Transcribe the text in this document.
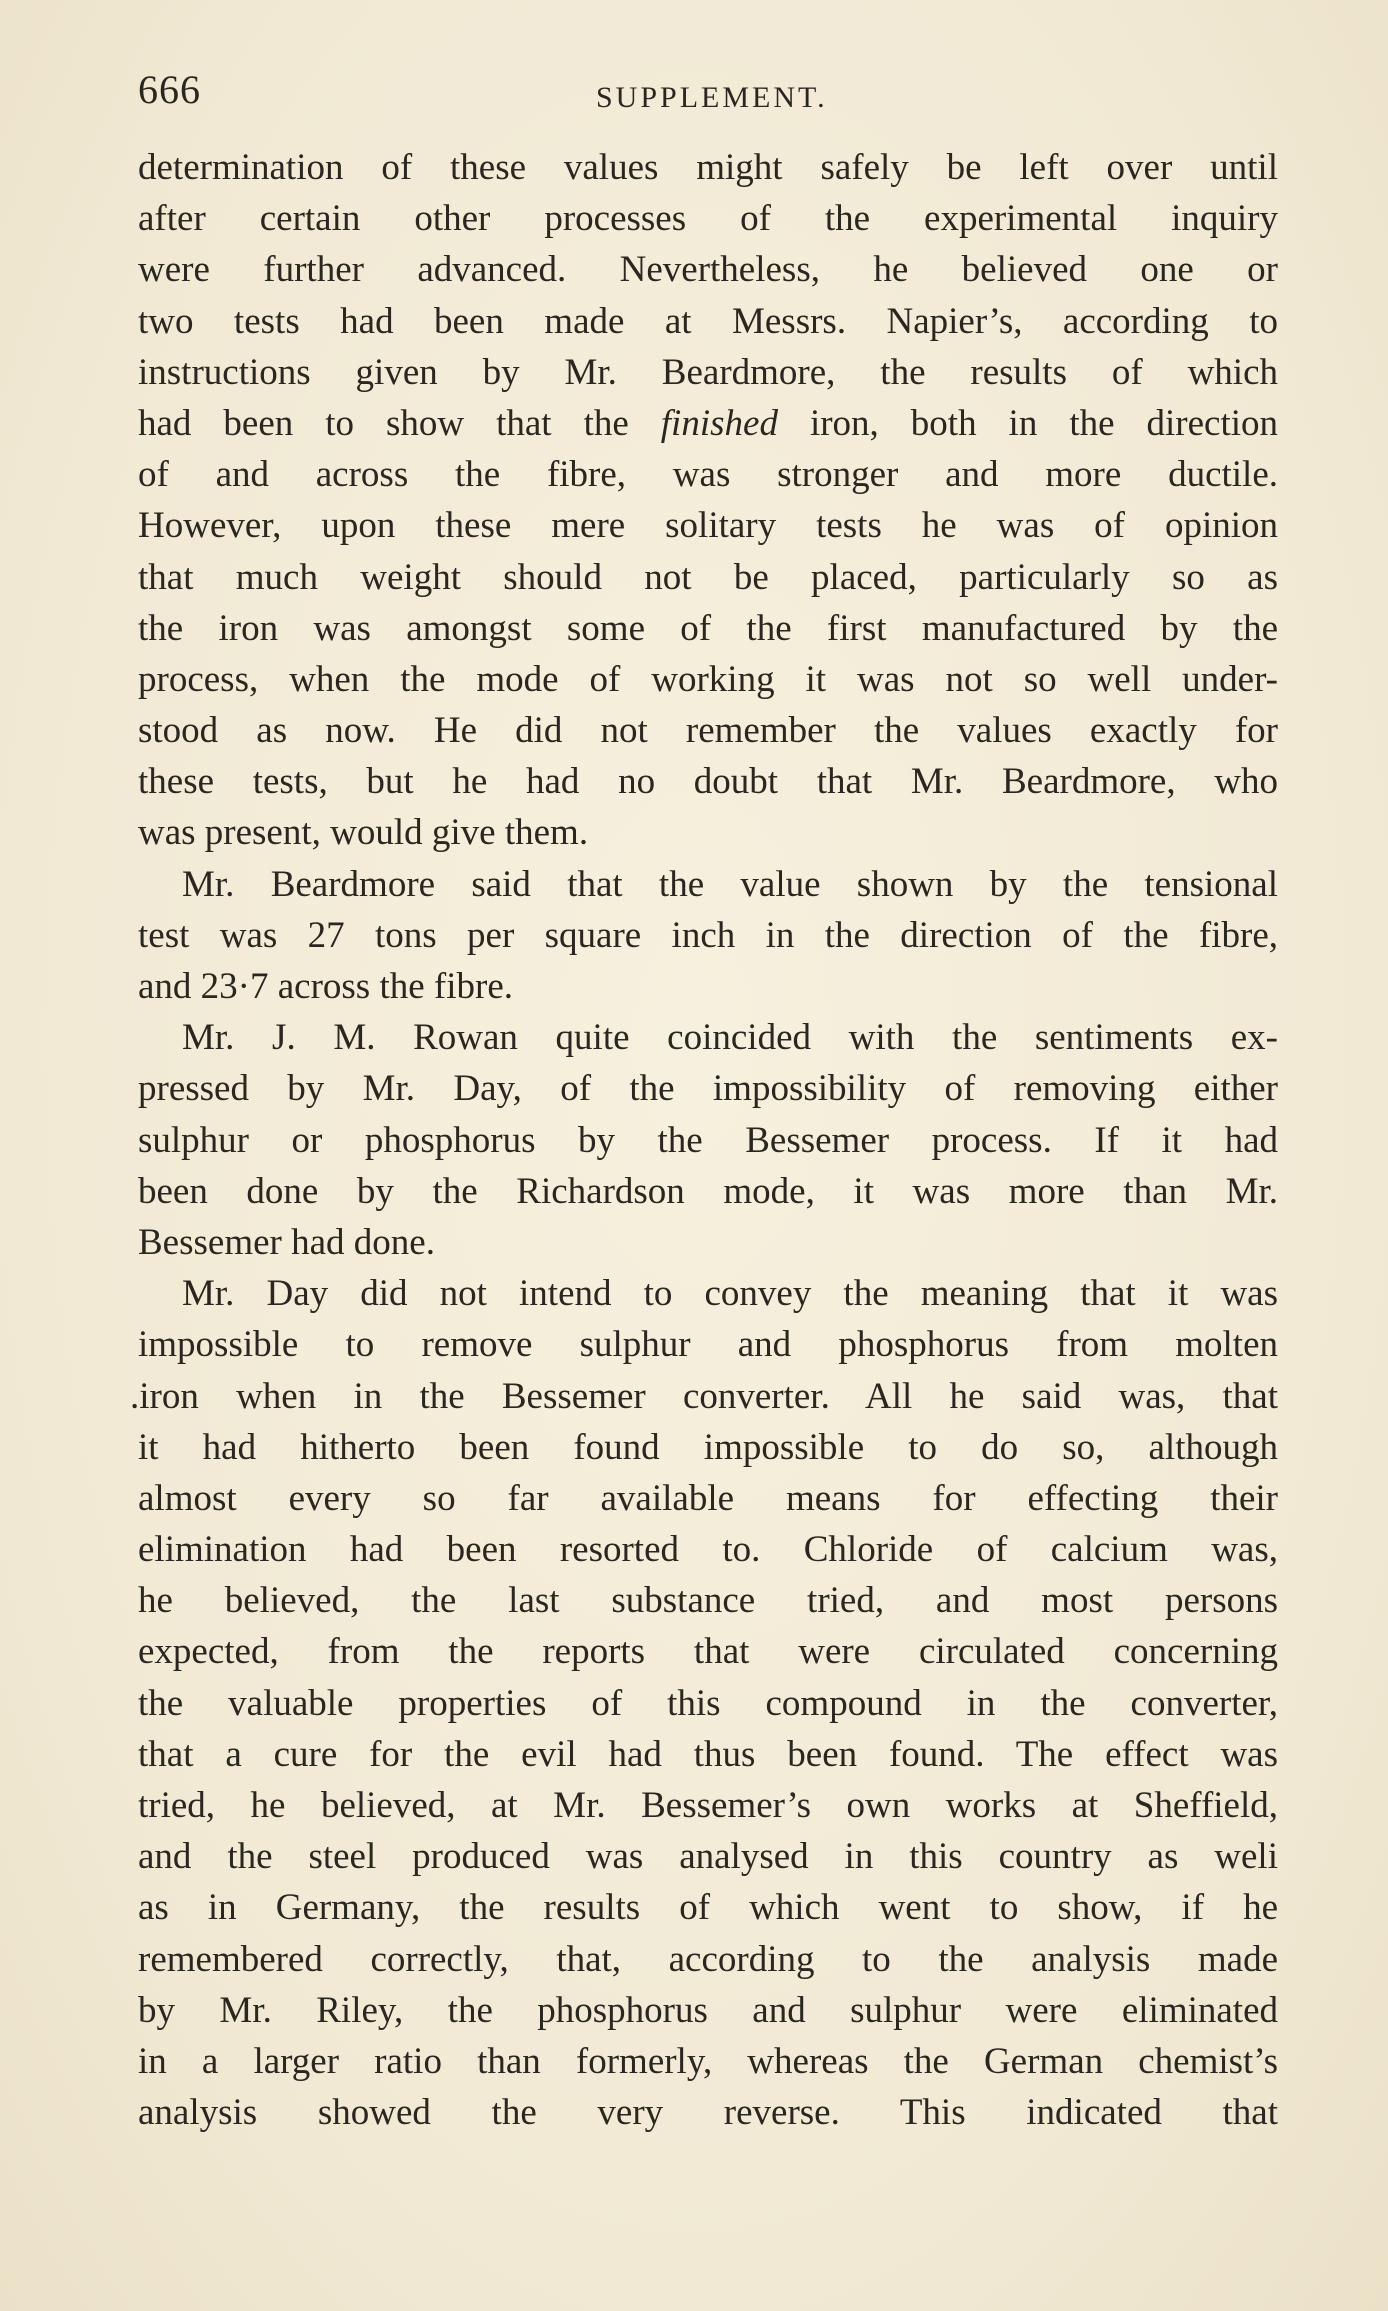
666	SUPPLEMENT.
determination of these values might safely be left over until
after certain other processes of the experimental inquiry
were further advanced. Nevertheless, he believed one or
two tests had been made at Messrs. Napier’s, according to
instructions given by Mr. Beardmore, the results of which
had been to show that the finished iron, both in the direction
of and across the fibre, was stronger and more ductile.
However, upon these mere solitary tests he was of opinion
that much weight should not be placed, particularly so as
the iron was amongst some of the first manufactured by the
process, when the mode of working it was not so well under-
stood as now. He did not remember the values exactly for
these tests, but he had no doubt that Mr. Beardmore, who
was present, would give them.
Mr. Beardmore said that the value shown by the tensional
test was 27 tons per square inch in the direction of the fibre,
and 23·7 across the fibre.
Mr. J. M. Rowan quite coincided with the sentiments ex-
pressed by Mr. Day, of the impossibility of removing either
sulphur or phosphorus by the Bessemer process. If it had
been done by the Richardson mode, it was more than Mr.
Bessemer had done.
Mr. Day did not intend to convey the meaning that it was
impossible to remove sulphur and phosphorus from molten
.iron when in the Bessemer converter. All he said was, that
it had hitherto been found impossible to do so, although
almost every so far available means for effecting their
elimination had been resorted to. Chloride of calcium was,
he believed, the last substance tried, and most persons
expected, from the reports that were circulated concerning
the valuable properties of this compound in the converter,
that a cure for the evil had thus been found. The effect was
tried, he believed, at Mr. Bessemer’s own works at Sheffield,
and the steel produced was analysed in this country as weli
as in Germany, the results of which went to show, if he
remembered correctly, that, according to the analysis made
by Mr. Riley, the phosphorus and sulphur were eliminated
in a larger ratio than formerly, whereas the German chemist’s
analysis showed the very reverse. This indicated that
